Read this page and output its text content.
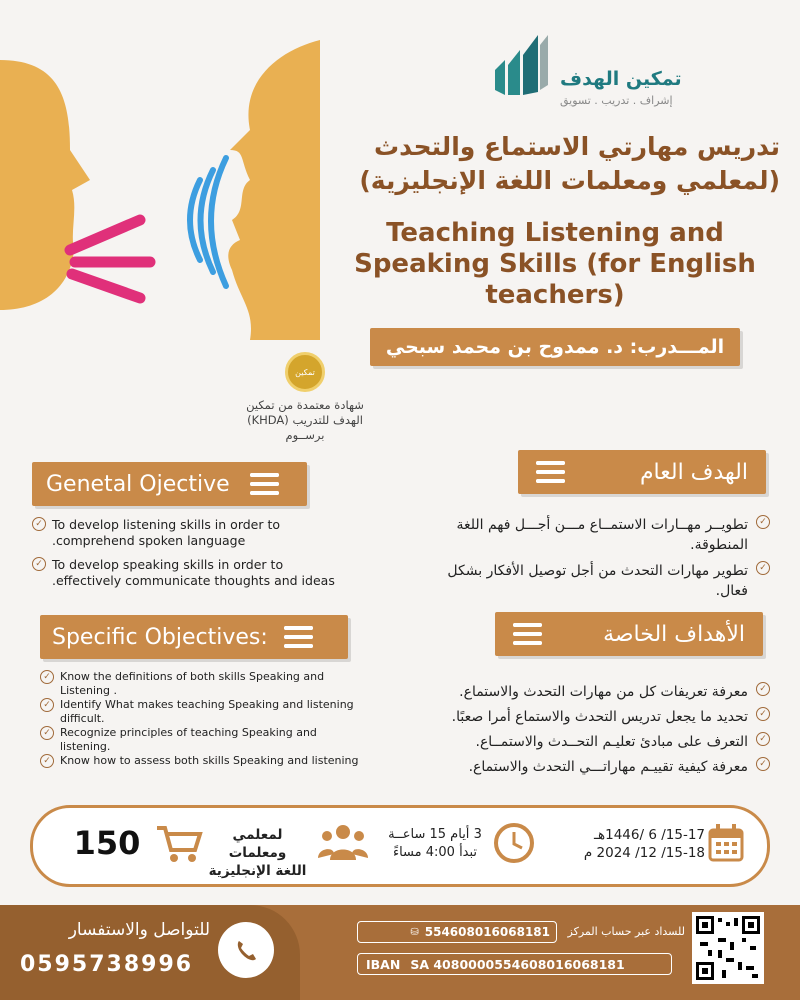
تمكين الهدف
إشراف . تدريب . تسويق
تدريس مهارتي الاستماع والتحدث
(لمعلمي ومعلمات اللغة الإنجليزية)
Teaching Listening and
Speaking Skills (for English
teachers)
المـــدرب: د. ممدوح بن محمد سبحي
تمكين
شهادة معتمدة من تمكين
الهدف للتدريب (KHDA)
برســوم
Genetal Ojective	الهدف العام
✓ To develop listening skills in order to
.comprehend spoken language
✓ To develop speaking skills in order to
.effectively communicate thoughts and ideas
✓
تطويــر مهــارات الاستمــاع مـــن أجـــل فهم اللغة
المنطوقة.
✓
تطوير مهارات التحدث من أجل توصيل الأفكار بشكل
فعال.
Specific Objectives:	الأهداف الخاصة
✓ Know the definitions of both skills Speaking and
Listening .
✓ Identify What makes teaching Speaking and listening
difficult.
✓ Recognize principles of teaching Speaking and
listening.
✓ Know how to assess both skills Speaking and listening
✓
معرفة تعريفات كل من مهارات التحدث والاستماع.
✓
تحديد ما يجعل تدريس التحدث والاستماع أمرا صعبًا.
✓
التعرف على مبادئ تعليـم التحــدث والاستمــاع.
✓
معرفة كيفية تقييـم مهاراتـــي التحدث والاستماع.
150	لمعلمي ومعلمات
اللغة الإنجليزية
3 أيام 15 ساعــة
تبدأ 4:00 مساءً
15-17/ 6 /1446هـ
15-18/ 12/ 2024 م
للتواصل والاستفسار
0595738996
⛁ 554608016068181	للسداد عبر حساب المركز
IBAN SA 4080000554608016068181
